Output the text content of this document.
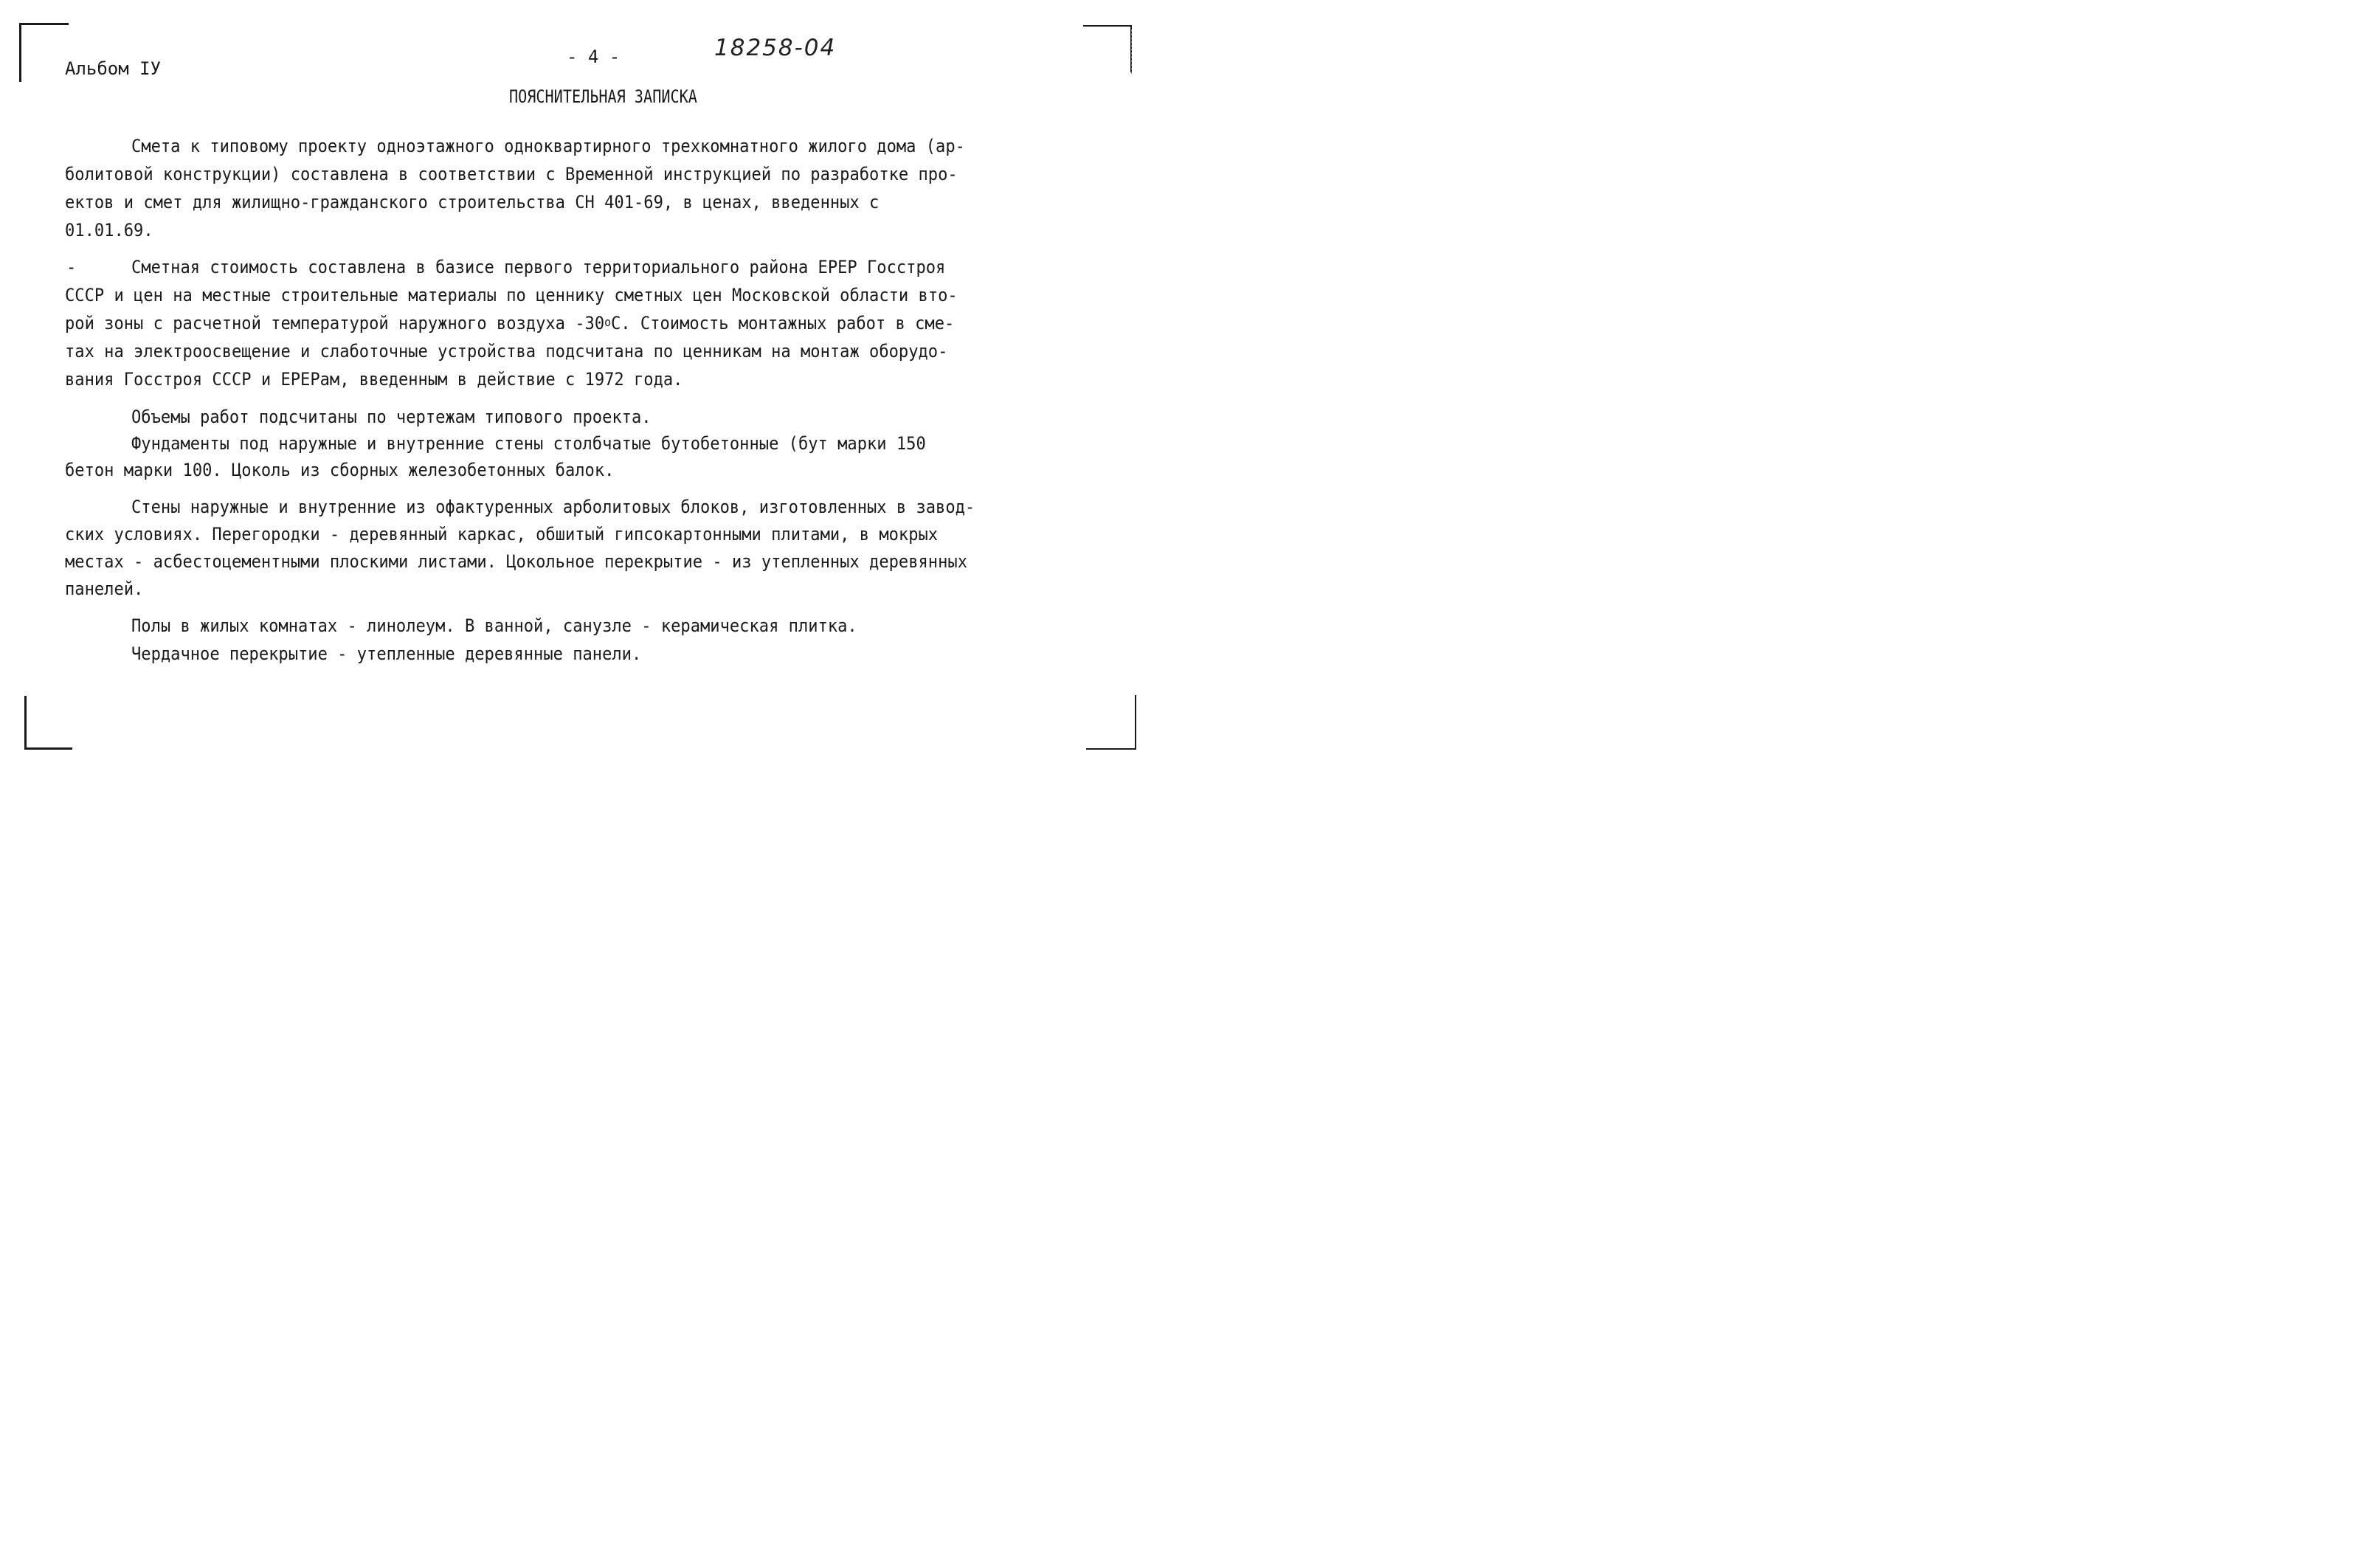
Альбом IУ
- 4 -	18258-04
ПОЯСНИТЕЛЬНАЯ ЗАПИСКА
Смета к типовому проекту одноэтажного одноквартирного трехкомнатного жилого дома (ар-
болитовой конструкции) составлена в соответствии с Временной инструкцией по разработке про-
ектов и смет для жилищно-гражданского строительства СН 401-69, в ценах, введенных с
01.01.69.
-	Сметная стоимость составлена в базисе первого территориального района ЕРЕР Госстроя
СССР и цен на местные строительные материалы по ценнику сметных цен Московской области вто-
рой зоны с расчетной температурой наружного воздуха $-30^оС$. Стоимость монтажных работ в сме-
тах на электроосвещение и слаботочные устройства подсчитана по ценникам на монтаж оборудо-
вания Госстроя СССР и ЕРЕРам, введенным в действие с 1972 года.
Объемы работ подсчитаны по чертежам типового проекта.
Фундаменты под наружные и внутренние стены столбчатые бутобетонные (бут марки 150
бетон марки 100. Цоколь из сборных железобетонных балок.
Стены наружные и внутренние из офактуренных арболитовых блоков, изготовленных в завод-
ских условиях. Перегородки - деревянный каркас, обшитый гипсокартонными плитами, в мокрых
местах - асбестоцементными плоскими листами. Цокольное перекрытие - из утепленных деревянных
панелей.
Полы в жилых комнатах - линолеум. В ванной, санузле - керамическая плитка.
Чердачное перекрытие - утепленные деревянные панели.
